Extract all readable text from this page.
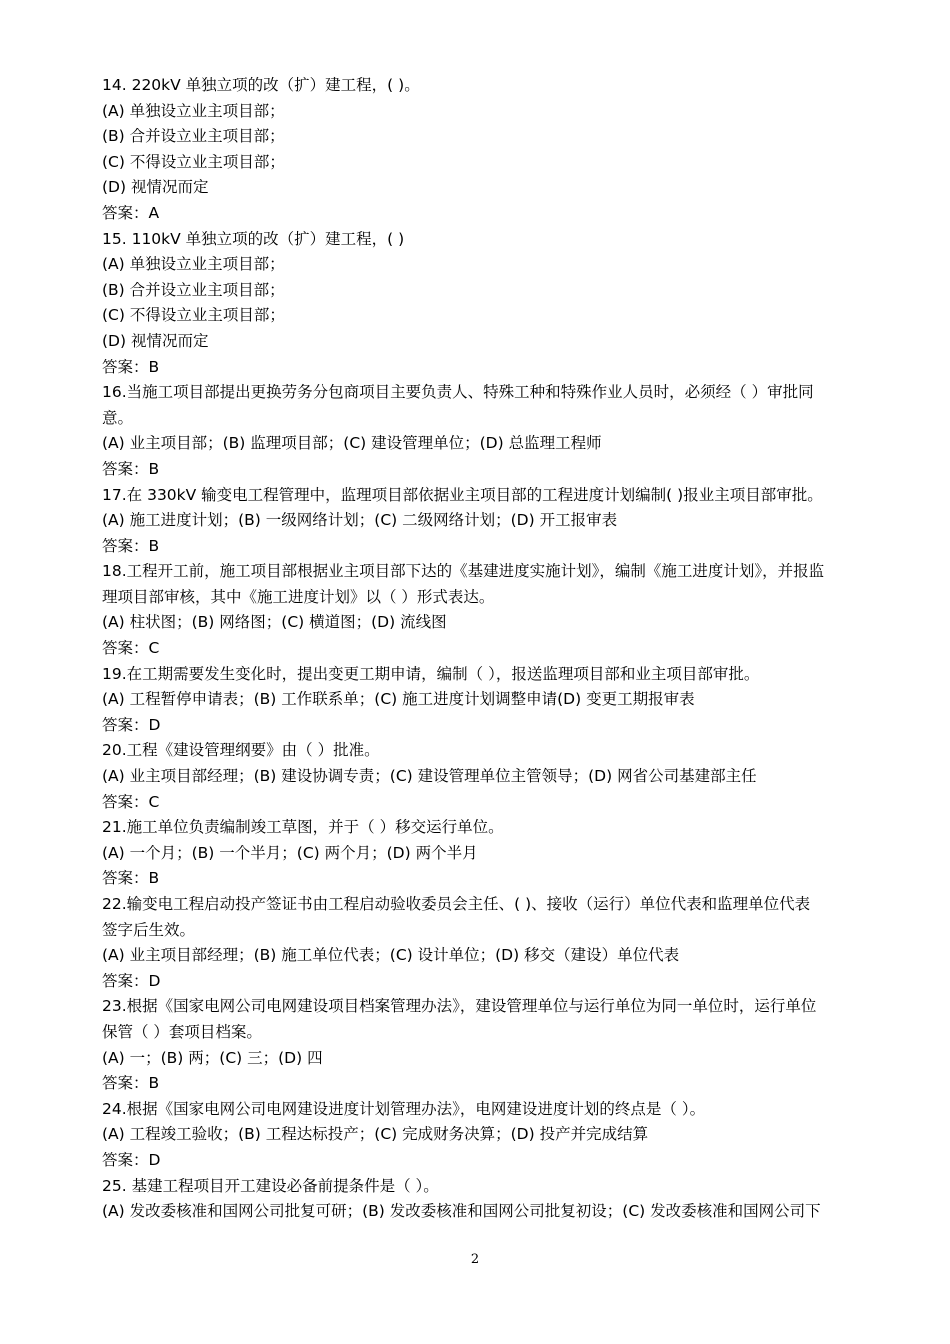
14. 220kV 单独立项的改（扩）建工程，( )。
(A) 单独设立业主项目部；
(B) 合并设立业主项目部；
(C) 不得设立业主项目部；
(D) 视情况而定
答案：A
15. 110kV 单独立项的改（扩）建工程，( )
(A) 单独设立业主项目部；
(B) 合并设立业主项目部；
(C) 不得设立业主项目部；
(D) 视情况而定
答案：B
16.当施工项目部提出更换劳务分包商项目主要负责人、特殊工种和特殊作业人员时，必须经（ ）审批同
意。
(A) 业主项目部；(B) 监理项目部；(C) 建设管理单位；(D) 总监理工程师
答案：B
17.在 330kV 输变电工程管理中，监理项目部依据业主项目部的工程进度计划编制( )报业主项目部审批。
(A) 施工进度计划；(B) 一级网络计划；(C) 二级网络计划；(D) 开工报审表
答案：B
18.工程开工前，施工项目部根据业主项目部下达的《基建进度实施计划》，编制《施工进度计划》，并报监
理项目部审核，其中《施工进度计划》以（ ）形式表达。
(A) 柱状图；(B) 网络图；(C) 横道图；(D) 流线图
答案：C
19.在工期需要发生变化时，提出变更工期申请，编制（ ），报送监理项目部和业主项目部审批。
(A) 工程暂停申请表；(B) 工作联系单；(C) 施工进度计划调整申请(D) 变更工期报审表
答案：D
20.工程《建设管理纲要》由（ ）批准。
(A) 业主项目部经理；(B) 建设协调专责；(C) 建设管理单位主管领导；(D) 网省公司基建部主任
答案：C
21.施工单位负责编制竣工草图，并于（ ）移交运行单位。
(A) 一个月；(B) 一个半月；(C) 两个月；(D) 两个半月
答案：B
22.输变电工程启动投产签证书由工程启动验收委员会主任、( )、接收（运行）单位代表和监理单位代表
签字后生效。
(A) 业主项目部经理；(B) 施工单位代表；(C) 设计单位；(D) 移交（建设）单位代表
答案：D
23.根据《国家电网公司电网建设项目档案管理办法》，建设管理单位与运行单位为同一单位时，运行单位
保管（ ）套项目档案。
(A) 一；(B) 两；(C) 三；(D) 四
答案：B
24.根据《国家电网公司电网建设进度计划管理办法》，电网建设进度计划的终点是（ ）。
(A) 工程竣工验收；(B) 工程达标投产；(C) 完成财务决算；(D) 投产并完成结算
答案：D
25. 基建工程项目开工建设必备前提条件是（ ）。
(A) 发改委核准和国网公司批复可研；(B) 发改委核准和国网公司批复初设；(C) 发改委核准和国网公司下
2
